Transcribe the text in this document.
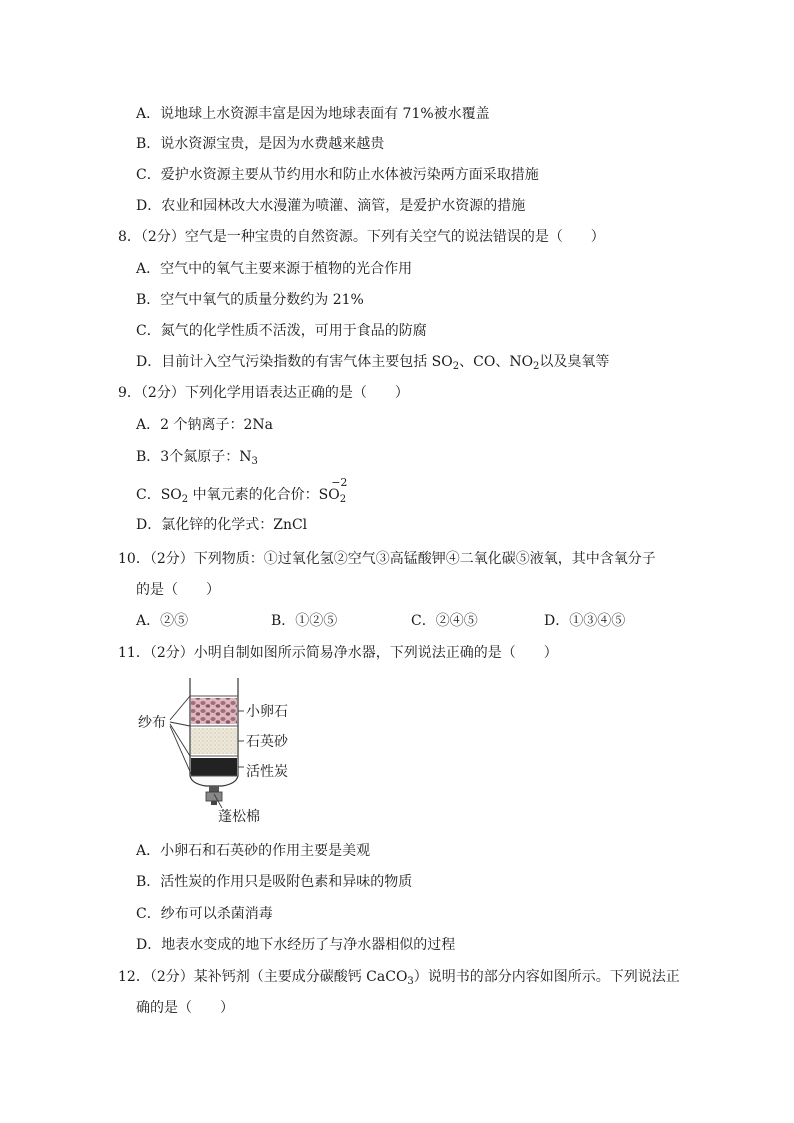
A．说地球上水资源丰富是因为地球表面有 71%被水覆盖
B．说水资源宝贵，是因为水费越来越贵
C．爱护水资源主要从节约用水和防止水体被污染两方面采取措施
D．农业和园林改大水漫灌为喷灌、滴管，是爱护水资源的措施
8．（2分）空气是一种宝贵的自然资源。下列有关空气的说法错误的是（　　）
A．空气中的氧气主要来源于植物的光合作用
B．空气中氧气的质量分数约为 21%
C．氮气的化学性质不活泼，可用于食品的防腐
D．目前计入空气污染指数的有害气体主要包括 $SO_2$、CO、$NO_2$以及臭氧等
9．（2分）下列化学用语表达正确的是（　　）
A．2 个钠离子：2Na
B．3个氮原子：$N_3$
C．$SO_2$ 中氧元素的化合价：S
−2
$O_2$
D．氯化锌的化学式：ZnCl
10．（2分）下列物质：①过氧化氢②空气③高锰酸钾④二氧化碳⑤液氧，其中含氧分子
的是（　　）
A．②⑤	B．①②⑤	C．②④⑤	D．①③④⑤
11．（2分）小明自制如图所示简易净水器，下列说法正确的是（　　）
纱布
小卵石
石英砂
活性炭
蓬松棉
A．小卵石和石英砂的作用主要是美观
B．活性炭的作用只是吸附色素和异味的物质
C．纱布可以杀菌消毒
D．地表水变成的地下水经历了与净水器相似的过程
12．（2分）某补钙剂（主要成分碳酸钙 CaCO$_3$）说明书的部分内容如图所示。下列说法正
确的是（　　）
